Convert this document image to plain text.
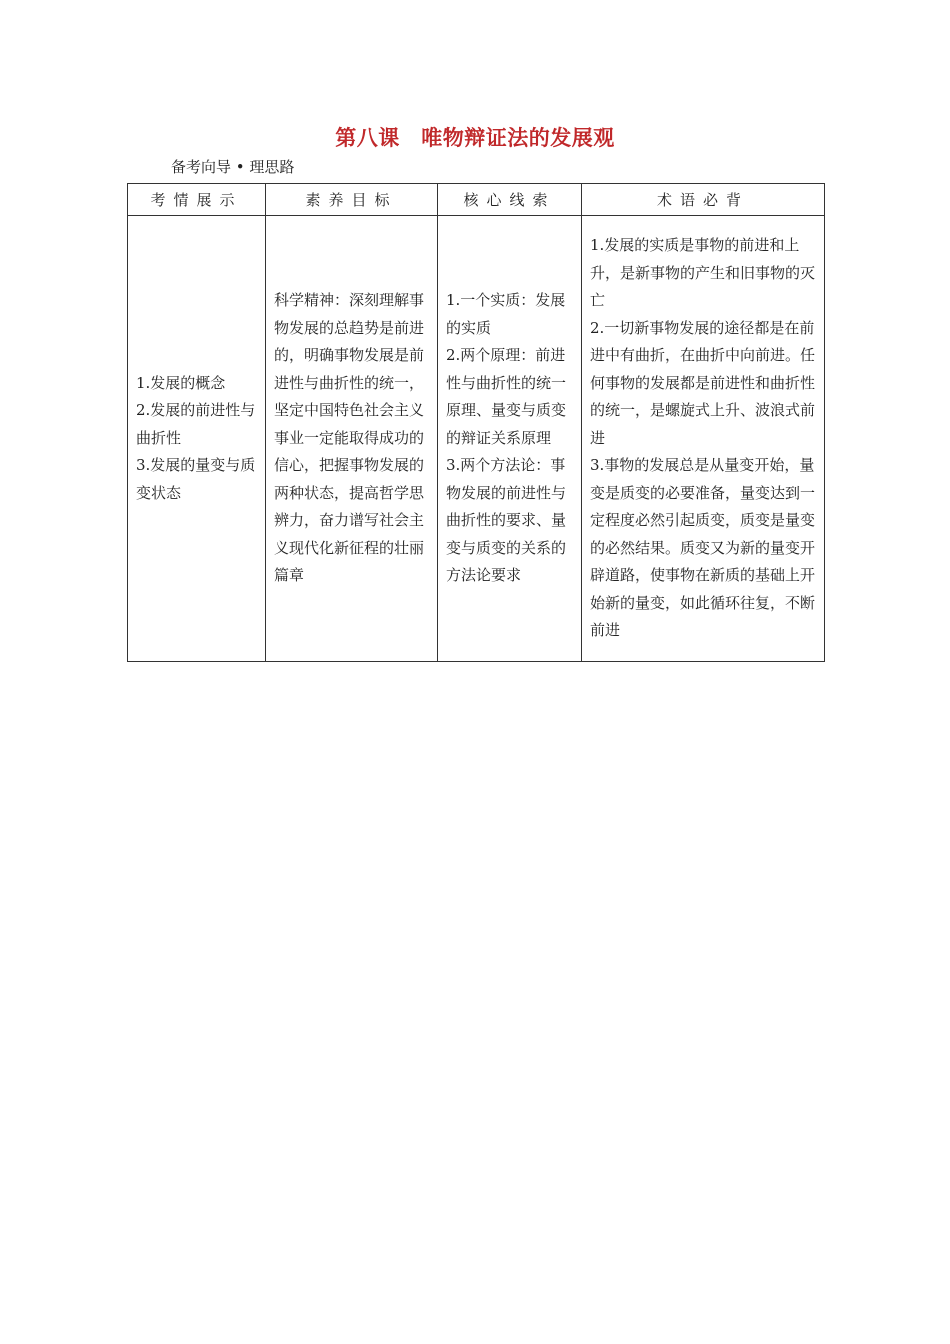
第八课　唯物辩证法的发展观
备考向导 • 理思路
考情展示	素养目标	核心线索	术语必背

1.发展的概念
2.发展的前进性与曲折性
3.发展的量变与质变状态	科学精神：深刻理解事物发展的总趋势是前进的，明确事物发展是前进性与曲折性的统一，坚定中国特色社会主义事业一定能取得成功的信心，把握事物发展的两种状态，提高哲学思辨力，奋力谱写社会主义现代化新征程的壮丽篇章	1.一个实质：发展的实质
2.两个原理：前进性与曲折性的统一原理、量变与质变的辩证关系原理
3.两个方法论：事物发展的前进性与曲折性的要求、量变与质变的关系的方法论要求	1.发展的实质是事物的前进和上升，是新事物的产生和旧事物的灭亡
2.一切新事物发展的途径都是在前进中有曲折，在曲折中向前进。任何事物的发展都是前进性和曲折性的统一，是螺旋式上升、波浪式前进
3.事物的发展总是从量变开始，量变是质变的必要准备，量变达到一定程度必然引起质变，质变是量变的必然结果。质变又为新的量变开辟道路，使事物在新质的基础上开始新的量变，如此循环往复，不断前进
